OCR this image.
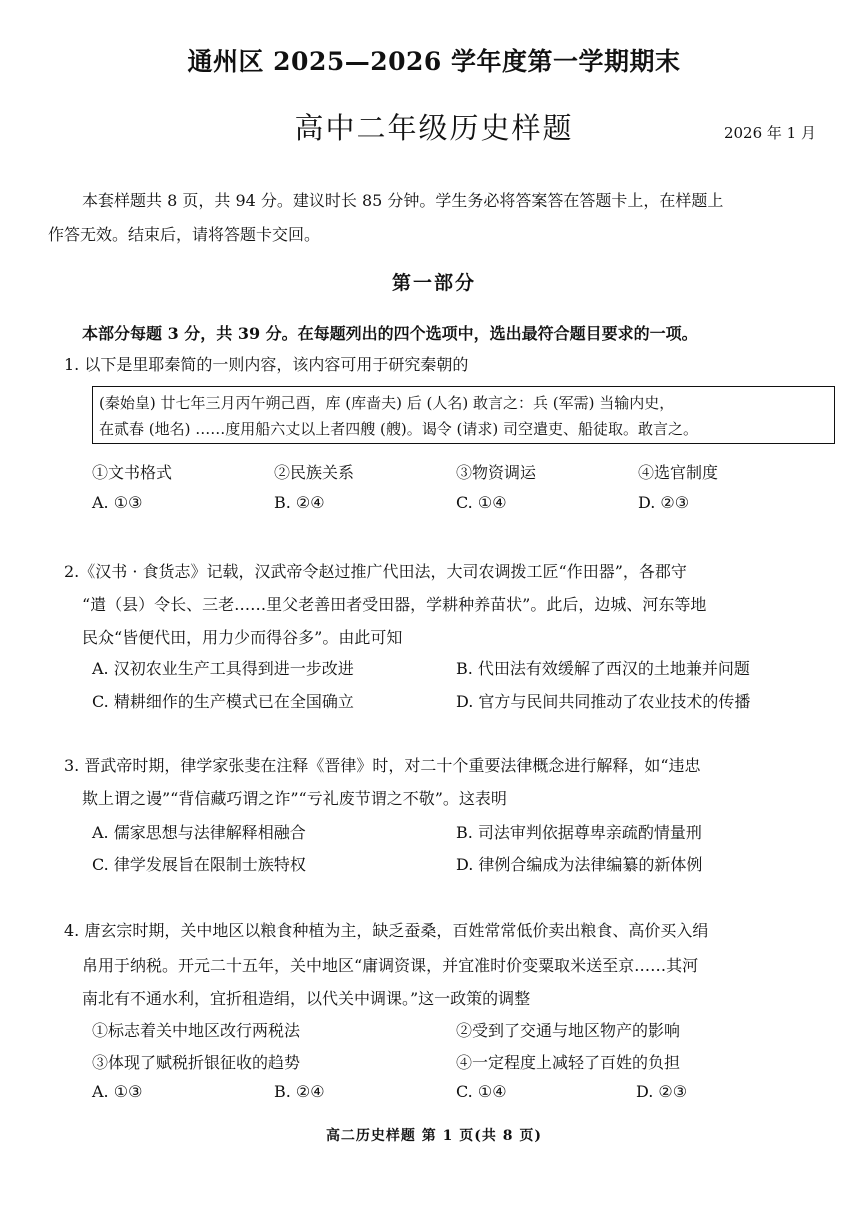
通州区 2025—2026 学年度第一学期期末
高中二年级历史样题	2026 年 1 月
本套样题共 8 页，共 94 分。建议时长 85 分钟。学生务必将答案答在答题卡上，在样题上
作答无效。结束后，请将答题卡交回。
第一部分
本部分每题 3 分，共 39 分。在每题列出的四个选项中，选出最符合题目要求的一项。
1. 以下是里耶秦简的一则内容，该内容可用于研究秦朝的
(秦始皇) 廿七年三月丙午朔己酉，库 (库啬夫) 后 (人名) 敢言之：兵 (军需) 当输内史，
在贰春 (地名) ……度用船六丈以上者四艘 (艘)。谒令 (请求) 司空遣吏、船徒取。敢言之。
①文书格式	②民族关系	③物资调运	④选官制度
A. ①③	B. ②④	C. ①④	D. ②③
2.《汉书 · 食货志》记载，汉武帝令赵过推广代田法，大司农调拨工匠“作田器”，各郡守
“遣（县）令长、三老……里父老善田者受田器，学耕种养苗状”。此后，边城、河东等地
民众“皆便代田，用力少而得谷多”。由此可知
A. 汉初农业生产工具得到进一步改进	B. 代田法有效缓解了西汉的土地兼并问题
C. 精耕细作的生产模式已在全国确立	D. 官方与民间共同推动了农业技术的传播
3. 晋武帝时期，律学家张斐在注释《晋律》时，对二十个重要法律概念进行解释，如“违忠
欺上谓之谩”“背信藏巧谓之诈”“亏礼废节谓之不敬”。这表明
A. 儒家思想与法律解释相融合	B. 司法审判依据尊卑亲疏酌情量刑
C. 律学发展旨在限制士族特权	D. 律例合编成为法律编纂的新体例
4. 唐玄宗时期，关中地区以粮食种植为主，缺乏蚕桑，百姓常常低价卖出粮食、高价买入绢
帛用于纳税。开元二十五年，关中地区“庸调资课，并宜准时价变粟取米送至京……其河
南北有不通水利，宜折租造绢，以代关中调课。”这一政策的调整
①标志着关中地区改行两税法	②受到了交通与地区物产的影响
③体现了赋税折银征收的趋势	④一定程度上减轻了百姓的负担
A. ①③	B. ②④	C. ①④	D. ②③
高二历史样题 第 1 页(共 8 页)
